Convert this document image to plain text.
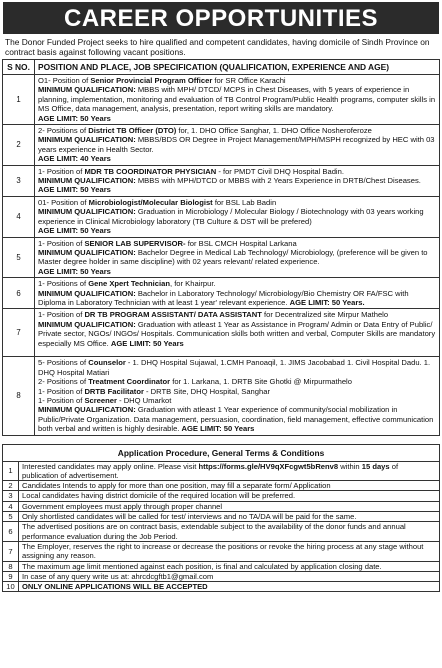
CAREER OPPORTUNITIES
The Donor Funded Project seeks to hire qualified and competent candidates, having domicile of Sindh Province on contract basis against following vacant positions.
S NO.	POSITION AND PLACE, JOB SPECIFICATION (QUALIFICATION, EXPERIENCE AND AGE)
1	O1- Position of Senior Provincial Program Officer for SR Office Karachi
MINIMUM QUALIFICATION: MBBS with MPH/ DTCD/ MCPS in Chest Diseases, with 5 years of experience in planning, implementation, monitoring and evaluation of TB Control Program/Public Health programs, computer skills in MS Office, data management, analysis, presentation, report writing skills are mandatory.
AGE LIMIT: 50 Years

2	2- Positions of District TB Officer (DTO) for, 1. DHO Office Sanghar, 1. DHO Office Nosheroferoze
MINIMUM QUALIFICATION: MBBS/BDS OR Degree in Project Management/MPH/MSPH recognized by HEC with 03 years experience in Health Sector.
AGE LIMIT: 40 Years

3	1- Position of MDR TB COORDINATOR PHYSICIAN - for PMDT Civil DHQ Hospital Badin.
MINIMUM QUALIFICATION: MBBS with MPH/DTCD or MBBS with 2 Years Experience in DRTB/Chest Diseases. AGE LIMIT: 50 Years

4	01- Position of Microbiologist/Molecular Biologist for BSL Lab Badin
MINIMUM QUALIFICATION: Graduation in Microbiology / Molecular Biology / Biotechnology with 03 years working experience in Clinical Microbiology laboratory (TB Culture & DST will be prefered)
AGE LIMIT: 50 Years

5	1- Position of SENIOR LAB SUPERVISOR- for BSL CMCH Hospital Larkana
MINIMUM QUALIFICATION: Bachelor Degree in Medical Lab Technology/ Microbiology, (preference will be given to Master degree holder in same discipline) with 02 years relevant/ related experience.
AGE LIMIT: 50 Years

6	1- Positions of Gene Xpert Technician, for Khairpur.
MINIMUM QUALIFICATION: Bachelor in Laboratory Technology/ Microbiology/Bio Chemistry OR FA/FSC with Diploma in Laboratory Technician with at least 1 year' relevant experience. AGE LIMIT: 50 Years.

7	1- Position of DR TB PROGRAM ASSISTANT/ DATA ASSISTANT for Decentralized site Mirpur Mathelo
MINIMUM QUALIFICATION: Graduation with atleast 1 Year as Assistance in Program/ Admin or Data Entry of Public/ Private sector, NGOs/ INGOs/ Hospitals. Communication skills both written and verbal, Computer Skills are mandatory especially MS Office. AGE LIMIT: 50 Years

8	5- Positions of Counselor - 1. DHQ Hospital Sujawal, 1.CMH Panoaqil, 1. JIMS Jacobabad 1. Civil Hospital Dadu. 1. DHQ Hospital Matiari
2- Positions of Treatment Coordinator for 1. Larkana, 1. DRTB Site Ghotki @ Mirpurmathelo
1- Position of DRTB Facilitator - DRTB Site, DHQ Hospital, Sanghar
1- Position of Screener - DHQ Umarkot
MINIMUM QUALIFICATION: Graduation with atleast 1 Year experience of community/social mobilization in Public/Private Organization. Data management, persuasion, coordination, field management, effective communication both verbal and written is highly desirable. AGE LIMIT: 50 Years
Application Procedure, General Terms & Conditions	
1	Interested candidates may apply online. Please visit https://forms.gle/HV9qXFcgwt5bRenv8 within 15 days of publication of advertisement.
2	Candidates Intends to apply for more than one position, may fill a separate form/ Application
3	Local candidates having district domicile of the required location will be preferred.
4	Government employees must apply through proper channel
5	Only shortlisted candidates will be called for test/ interviews and no TA/DA will be paid for the same.
6	The advertised positions are on contract basis, extendable subject to the availability of the donor funds and annual performance evaluation during the Job Period.
7	The Employer, reserves the right to increase or decrease the positions or revoke the hiring process at any stage without assigning any reason.
8	The maximum age limit mentioned against each position, is final and calculated by application closing date.
9	In case of any query write us at: ahrcdcgftb1@gmail.com
10	ONLY ONLINE APPLICATIONS WILL BE ACCEPTED
